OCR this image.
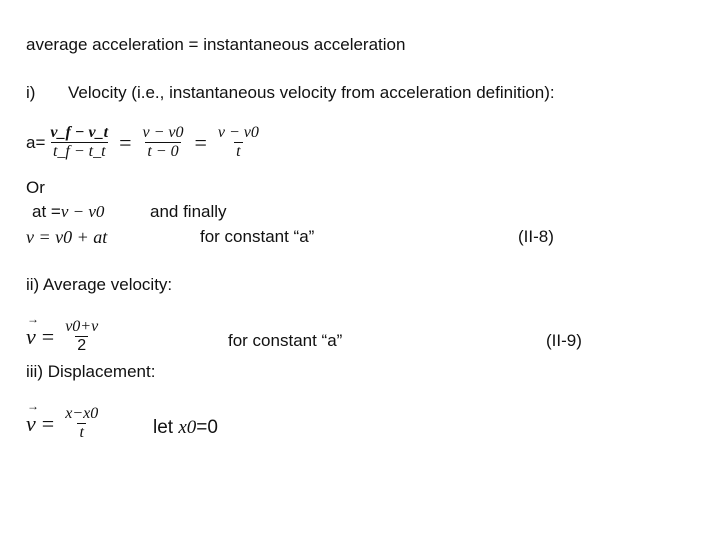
average acceleration = instantaneous acceleration
i) Velocity (i.e., instantaneous velocity from acceleration definition):
$a= \frac{v\_f - v\_t}{t\_f - t\_t} = \frac{v - v0}{t - 0} = \frac{v - v0}{t}$
Or
at =v − v0	and finally
v = v0 + at	for constant “a”	(II-8)
ii) Average velocity:
→ $v = \frac{v0+v}{2}$	for constant “a”	(II-9)
iii) Displacement:
→ $v = \frac{x-x0}{t}$	let x0=0
